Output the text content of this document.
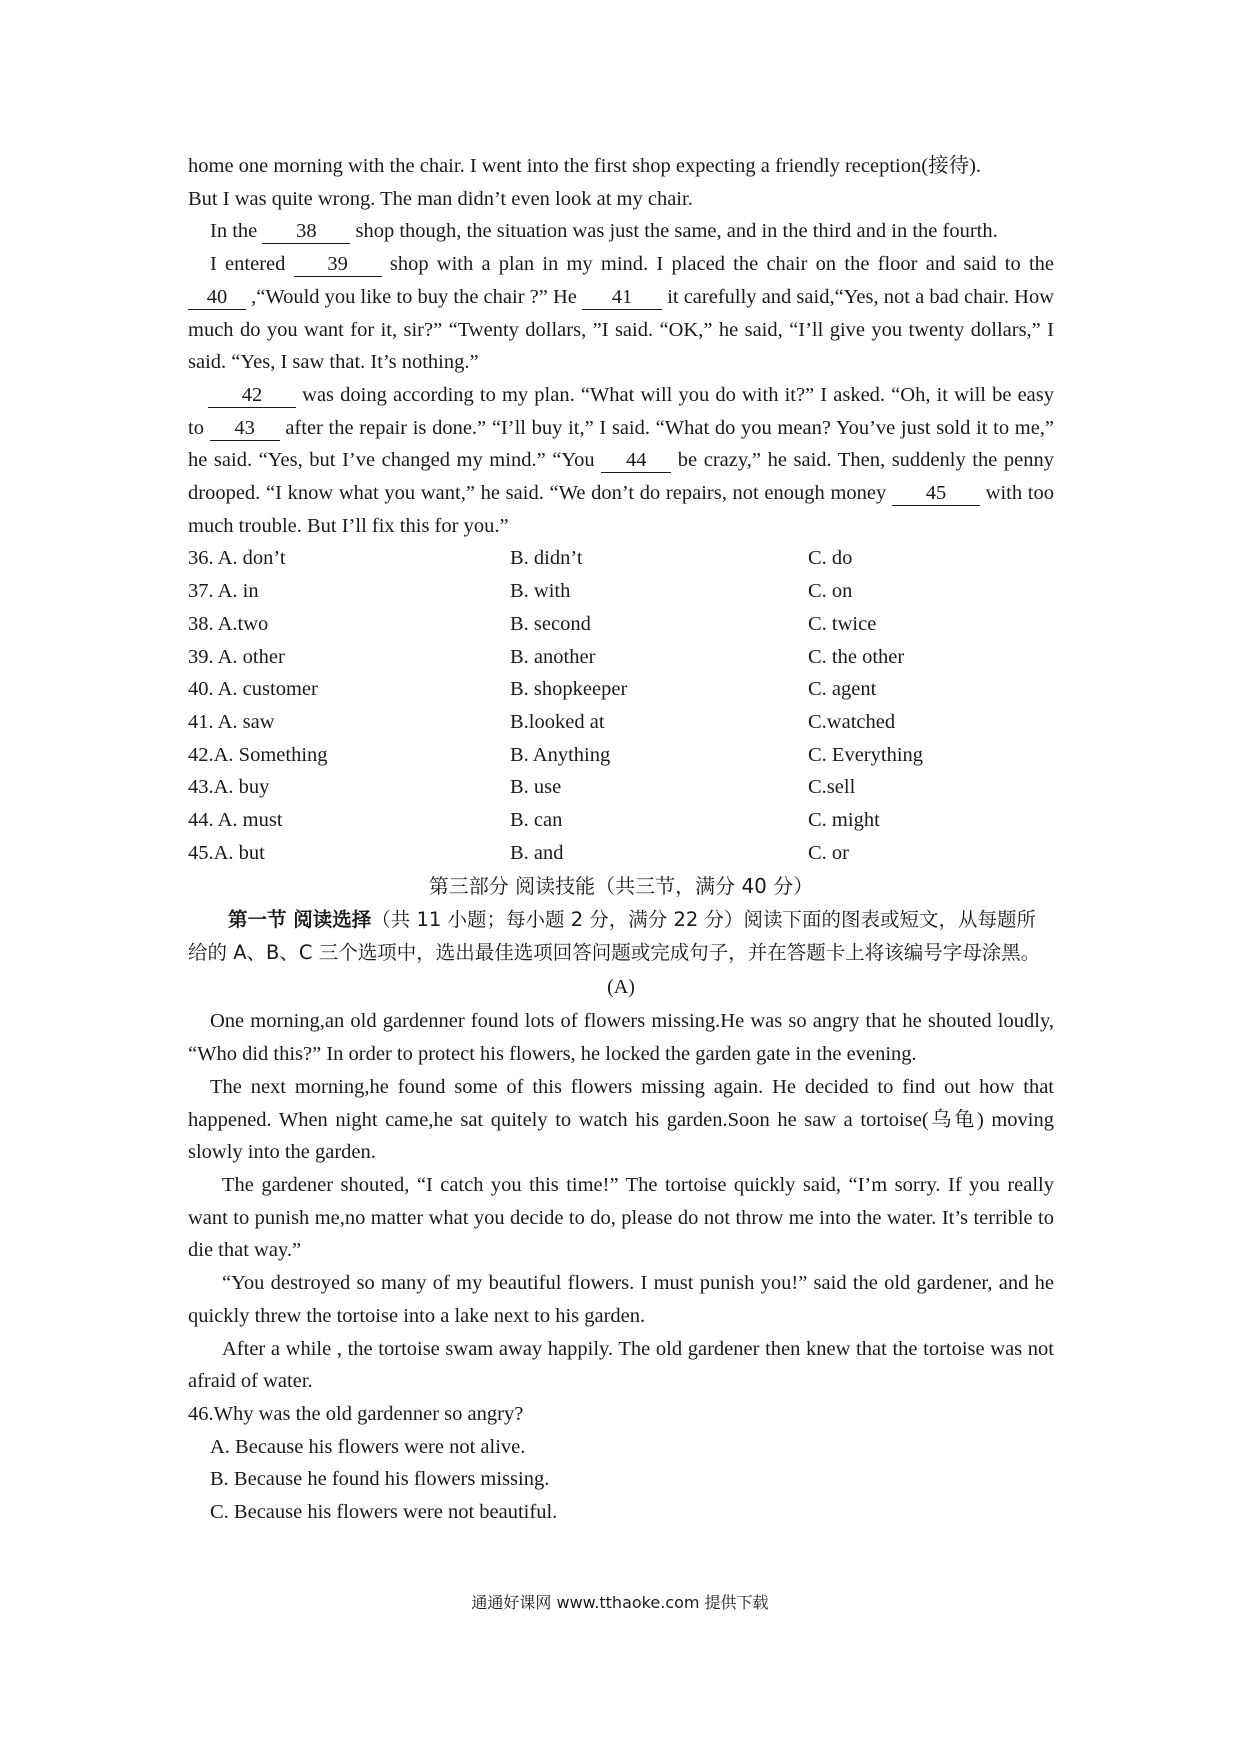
home one morning with the chair. I went into the first shop expecting a friendly reception(接待).
But I was quite wrong. The man didn’t even look at my chair.

In the 38 shop though, the situation was just the same, and in the third and in the fourth.

I entered 39 shop with a plan in my mind. I placed the chair on the floor and said to the 40 ,“Would you like to buy the chair ?” He 41 it carefully and said,“Yes, not a bad chair. How much do you want for it, sir?” “Twenty dollars, ”I said. “OK,” he said, “I’ll give you twenty dollars,” I said. “Yes, I saw that. It’s nothing.”

42 was doing according to my plan. “What will you do with it?” I asked. “Oh, it will be easy to 43 after the repair is done.” “I’ll buy it,” I said. “What do you mean? You’ve just sold it to me,” he said. “Yes, but I’ve changed my mind.” “You 44 be crazy,” he said. Then, suddenly the penny drooped. “I know what you want,” he said. “We don’t do repairs, not enough money 45 with too much trouble. But I’ll fix this for you.”

36. A. don’t	B. didn’t	C. do
37. A. in	B. with	C. on
38. A.two	B. second	C. twice
39. A. other	B. another	C. the other
40. A. customer	B. shopkeeper	C. agent
41. A. saw	B.looked at	C.watched
42.A. Something	B. Anything	C. Everything
43.A. buy	B. use	C.sell
44. A. must	B. can	C. might
45.A. but	B. and	C. or

第三部分 阅读技能（共三节，满分 40 分）

第一节 阅读选择（共 11 小题；每小题 2 分，满分 22 分）阅读下面的图表或短文，从每题所给的 A、B、C 三个选项中，选出最佳选项回答问题或完成句子，并在答题卡上将该编号字母涂黑。

(A)

One morning,an old gardenner found lots of flowers missing.He was so angry that he shouted loudly, “Who did this?” In order to protect his flowers, he locked the garden gate in the evening.

The next morning,he found some of this flowers missing again. He decided to find out how that happened. When night came,he sat quitely to watch his garden.Soon he saw a tortoise(乌龟) moving slowly into the garden.

The gardener shouted, “I catch you this time!” The tortoise quickly said, “I’m sorry. If you really want to punish me,no matter what you decide to do, please do not throw me into the water. It’s terrible to die that way.”

“You destroyed so many of my beautiful flowers. I must punish you!” said the old gardener, and he quickly threw the tortoise into a lake next to his garden.

After a while , the tortoise swam away happily. The old gardener then knew that the tortoise was not afraid of water.

46.Why was the old gardenner so angry?

A. Because his flowers were not alive.

B. Because he found his flowers missing.

C. Because his flowers were not beautiful.

通通好课网 www.tthaoke.com 提供下载
